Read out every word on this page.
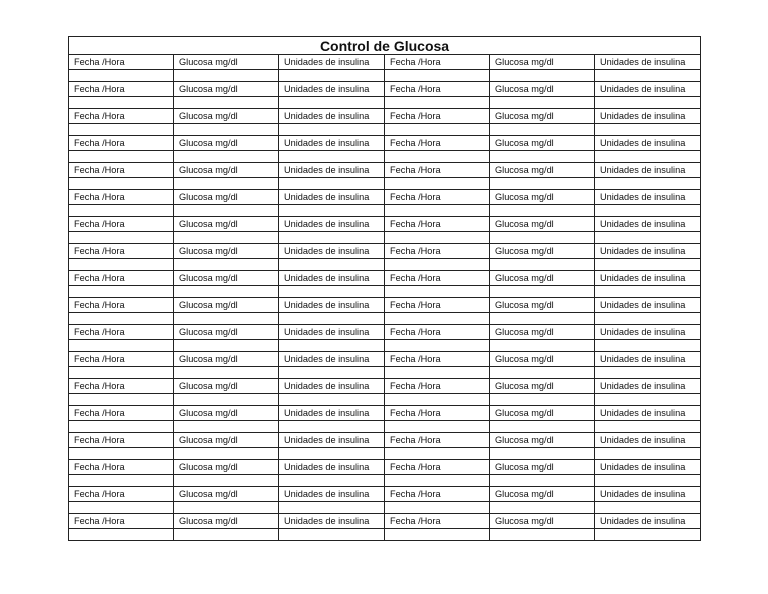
Control de Glucosa					
Fecha /Hora	Glucosa mg/dl	Unidades de insulina	Fecha /Hora	Glucosa mg/dl	Unidades de insulina

Fecha /Hora	Glucosa mg/dl	Unidades de insulina	Fecha /Hora	Glucosa mg/dl	Unidades de insulina

Fecha /Hora	Glucosa mg/dl	Unidades de insulina	Fecha /Hora	Glucosa mg/dl	Unidades de insulina

Fecha /Hora	Glucosa mg/dl	Unidades de insulina	Fecha /Hora	Glucosa mg/dl	Unidades de insulina

Fecha /Hora	Glucosa mg/dl	Unidades de insulina	Fecha /Hora	Glucosa mg/dl	Unidades de insulina

Fecha /Hora	Glucosa mg/dl	Unidades de insulina	Fecha /Hora	Glucosa mg/dl	Unidades de insulina

Fecha /Hora	Glucosa mg/dl	Unidades de insulina	Fecha /Hora	Glucosa mg/dl	Unidades de insulina

Fecha /Hora	Glucosa mg/dl	Unidades de insulina	Fecha /Hora	Glucosa mg/dl	Unidades de insulina

Fecha /Hora	Glucosa mg/dl	Unidades de insulina	Fecha /Hora	Glucosa mg/dl	Unidades de insulina

Fecha /Hora	Glucosa mg/dl	Unidades de insulina	Fecha /Hora	Glucosa mg/dl	Unidades de insulina

Fecha /Hora	Glucosa mg/dl	Unidades de insulina	Fecha /Hora	Glucosa mg/dl	Unidades de insulina

Fecha /Hora	Glucosa mg/dl	Unidades de insulina	Fecha /Hora	Glucosa mg/dl	Unidades de insulina

Fecha /Hora	Glucosa mg/dl	Unidades de insulina	Fecha /Hora	Glucosa mg/dl	Unidades de insulina

Fecha /Hora	Glucosa mg/dl	Unidades de insulina	Fecha /Hora	Glucosa mg/dl	Unidades de insulina

Fecha /Hora	Glucosa mg/dl	Unidades de insulina	Fecha /Hora	Glucosa mg/dl	Unidades de insulina

Fecha /Hora	Glucosa mg/dl	Unidades de insulina	Fecha /Hora	Glucosa mg/dl	Unidades de insulina

Fecha /Hora	Glucosa mg/dl	Unidades de insulina	Fecha /Hora	Glucosa mg/dl	Unidades de insulina

Fecha /Hora	Glucosa mg/dl	Unidades de insulina	Fecha /Hora	Glucosa mg/dl	Unidades de insulina
